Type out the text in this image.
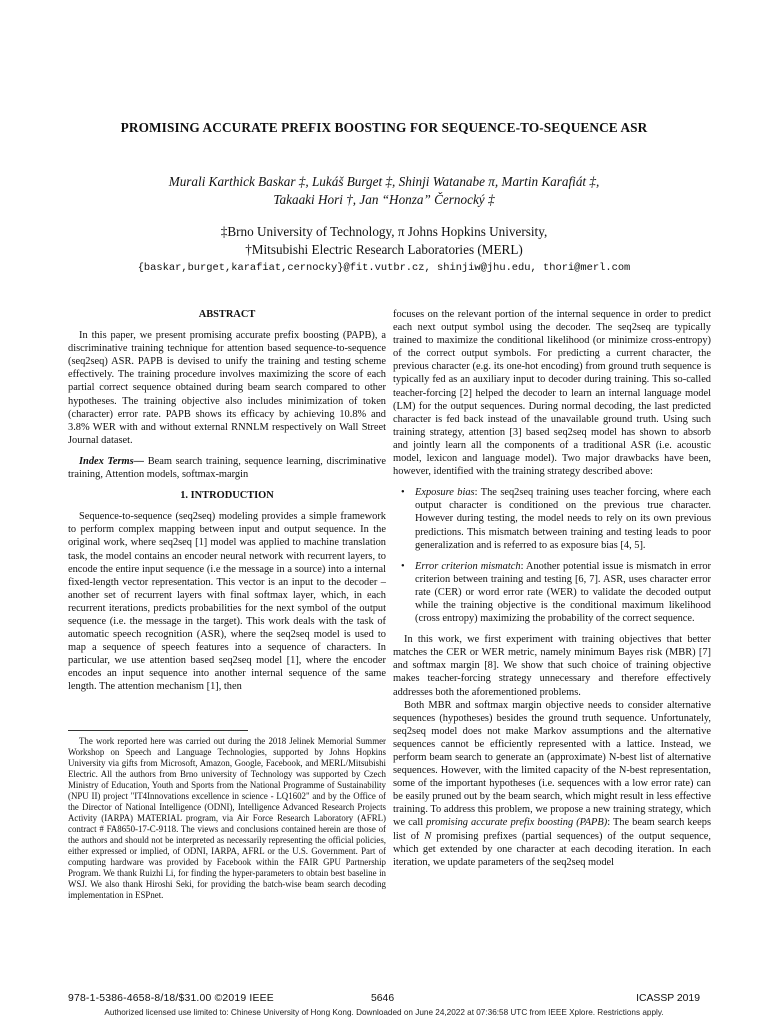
PROMISING ACCURATE PREFIX BOOSTING FOR SEQUENCE-TO-SEQUENCE ASR
Murali Karthick Baskar ‡, Lukáš Burget ‡, Shinji Watanabe π, Martin Karafiát ‡,
Takaaki Hori †, Jan “Honza” Černocký ‡
‡Brno University of Technology, π Johns Hopkins University,
†Mitsubishi Electric Research Laboratories (MERL)
{baskar,burget,karafiat,cernocky}@fit.vutbr.cz, shinjiw@jhu.edu, thori@merl.com
ABSTRACT

In this paper, we present promising accurate prefix boosting (PAPB), a discriminative training technique for attention based sequence-to-sequence (seq2seq) ASR. PAPB is devised to unify the training and testing scheme effectively. The training procedure involves maximizing the score of each partial correct sequence obtained during beam search compared to other hypotheses. The training objective also includes minimization of token (character) error rate. PAPB shows its efficacy by achieving 10.8% and 3.8% WER with and without external RNNLM respectively on Wall Street Journal dataset.

Index Terms— Beam search training, sequence learning, discriminative training, Attention models, softmax-margin

1. INTRODUCTION

Sequence-to-sequence (seq2seq) modeling provides a simple framework to perform complex mapping between input and output sequence. In the original work, where seq2seq [1] model was applied to machine translation task, the model contains an encoder neural network with recurrent layers, to encode the entire input sequence (i.e the message in a source) into a internal fixed-length vector representation. This vector is an input to the decoder – another set of recurrent layers with final softmax layer, which, in each recurrent iterations, predicts probabilities for the next symbol of the output sequence (i.e. the message in the target). This work deals with the task of automatic speech recognition (ASR), where the seq2seq model is used to map a sequence of speech features into a sequence of characters. In particular, we use attention based seq2seq model [1], where the encoder encodes an input sequence into another internal sequence of the same length. The attention mechanism [1], then

The work reported here was carried out during the 2018 Jelinek Memorial Summer Workshop on Speech and Language Technologies, supported by Johns Hopkins University via gifts from Microsoft, Amazon, Google, Facebook, and MERL/Mitsubishi Electric. All the authors from Brno university of Technology was supported by Czech Ministry of Education, Youth and Sports from the National Programme of Sustainability (NPU II) project "IT4Innovations excellence in science - LQ1602" and by the Office of the Director of National Intelligence (ODNI), Intelligence Advanced Research Projects Activity (IARPA) MATERIAL program, via Air Force Research Laboratory (AFRL) contract # FA8650-17-C-9118. The views and conclusions contained herein are those of the authors and should not be interpreted as necessarily representing the official policies, either expressed or implied, of ODNI, IARPA, AFRL or the U.S. Government. Part of computing hardware was provided by Facebook within the FAIR GPU Partnership Program. We thank Ruizhi Li, for finding the hyper-parameters to obtain best baseline in WSJ. We also thank Hiroshi Seki, for providing the batch-wise beam search decoding implementation in ESPnet.

focuses on the relevant portion of the internal sequence in order to predict each next output symbol using the decoder. The seq2seq are typically trained to maximize the conditional likelihood (or minimize cross-entropy) of the correct output symbols. For predicting a current character, the previous character (e.g. its one-hot encoding) from ground truth sequence is typically fed as an auxiliary input to decoder during training. This so-called teacher-forcing [2] helped the decoder to learn an internal language model (LM) for the output sequences. During normal decoding, the last predicted character is fed back instead of the unavailable ground truth. Using such training strategy, attention [3] based seq2seq model has shown to absorb and jointly learn all the components of a traditional ASR (i.e. acoustic model, lexicon and language model). Two major drawbacks have been, however, identified with the training strategy described above:

• Exposure bias: The seq2seq training uses teacher forcing, where each output character is conditioned on the previous true character. However during testing, the model needs to rely on its own previous predictions. This mismatch between training and testing leads to poor generalization and is referred to as exposure bias [4, 5].
• Error criterion mismatch: Another potential issue is mismatch in error criterion between training and testing [6, 7]. ASR, uses character error rate (CER) or word error rate (WER) to validate the decoded output while the training objective is the conditional maximum likelihood (cross entropy) maximizing the probability of the correct sequence.

In this work, we first experiment with training objectives that better matches the CER or WER metric, namely minimum Bayes risk (MBR) [7] and softmax margin [8]. We show that such choice of training objective makes teacher-forcing strategy unnecessary and therefore effectively addresses both the aforementioned problems.

Both MBR and softmax margin objective needs to consider alternative sequences (hypotheses) besides the ground truth sequence. Unfortunately, seq2seq model does not make Markov assumptions and the alternative sequences cannot be efficiently represented with a lattice. Instead, we perform beam search to generate an (approximate) N-best list of alternative sequences. However, with the limited capacity of the N-best representation, some of the important hypotheses (i.e. sequences with a low error rate) can be easily pruned out by the beam search, which might result in less effective training. To address this problem, we propose a new training strategy, which we call promising accurate prefix boosting (PAPB): The beam search keeps list of N promising prefixes (partial sequences) of the output sequence, which get extended by one character at each decoding iteration. In each iteration, we update parameters of the seq2seq model

978-1-5386-4658-8/18/$31.00 ©2019 IEEE	5646	ICASSP 2019
Authorized licensed use limited to: Chinese University of Hong Kong. Downloaded on June 24,2022 at 07:36:58 UTC from IEEE Xplore. Restrictions apply.
